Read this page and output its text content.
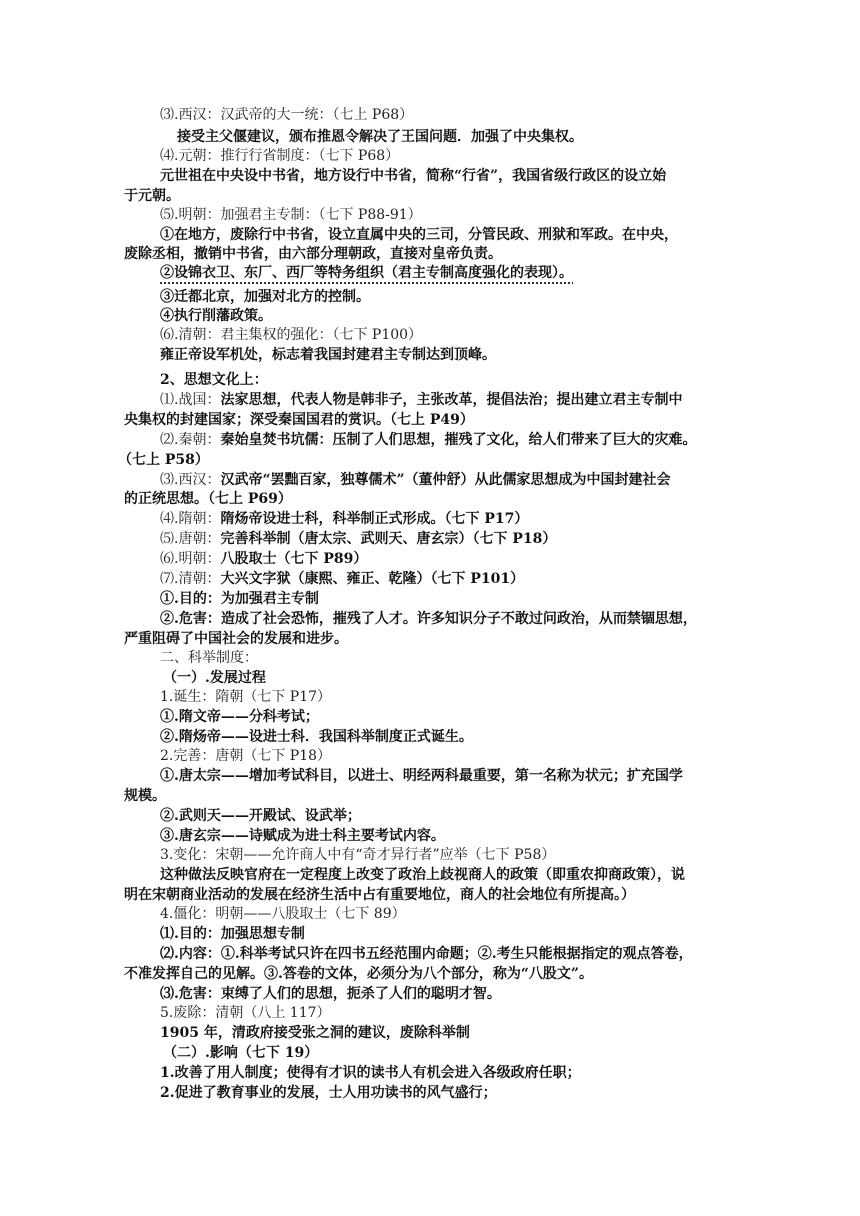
⑶.西汉：汉武帝的大一统：（七上 P68）
接受主父偃建议，颁布推恩令解决了王国问题．加强了中央集权。
⑷.元朝：推行行省制度：（七下 P68）
元世祖在中央设中书省，地方设行中书省，简称“行省”，我国省级行政区的设立始
于元朝。
⑸.明朝：加强君主专制：（七下 P88-91）
①在地方，废除行中书省，设立直属中央的三司，分管民政、刑狱和军政。在中央，
废除丞相，撤销中书省，由六部分理朝政，直接对皇帝负责。
②设锦衣卫、东厂、西厂等特务组织（君主专制高度强化的表现）。
③迁都北京，加强对北方的控制。
④执行削藩政策。
⑹.清朝：君主集权的强化：（七下 P100）
雍正帝设军机处，标志着我国封建君主专制达到顶峰。
2、思想文化上：
⑴.战国：法家思想，代表人物是韩非子，主张改革，提倡法治；提出建立君主专制中
央集权的封建国家；深受秦国国君的赏识。（七上 P49）
⑵.秦朝：秦始皇焚书坑儒：压制了人们思想，摧残了文化，给人们带来了巨大的灾难。
（七上 P58）
⑶.西汉：汉武帝“罢黜百家，独尊儒术”（董仲舒）从此儒家思想成为中国封建社会
的正统思想。（七上 P69）
⑷.隋朝：隋炀帝设进士科，科举制正式形成。（七下 P17）
⑸.唐朝：完善科举制（唐太宗、武则天、唐玄宗）（七下 P18）
⑹.明朝：八股取士（七下 P89）
⑺.清朝：大兴文字狱（康熙、雍正、乾隆）（七下 P101）
①.目的：为加强君主专制
②.危害：造成了社会恐怖，摧残了人才。许多知识分子不敢过问政治，从而禁锢思想，
严重阻碍了中国社会的发展和进步。
二、科举制度：
（一）.发展过程
1.诞生：隋朝（七下 P17）
①.隋文帝——分科考试；
②.隋炀帝——设进士科．我国科举制度正式诞生。
2.完善：唐朝（七下 P18）
①.唐太宗——增加考试科目，以进士、明经两科最重要，第一名称为状元；扩充国学
规模。
②.武则天——开殿试、设武举；
③.唐玄宗——诗赋成为进士科主要考试内容。
3.变化：宋朝——允许商人中有“奇才异行者”应举（七下 P58）
这种做法反映官府在一定程度上改变了政治上歧视商人的政策（即重农抑商政策），说
明在宋朝商业活动的发展在经济生活中占有重要地位，商人的社会地位有所提高。）
4.僵化：明朝——八股取士（七下 89）
⑴.目的：加强思想专制
⑵.内容：①.科举考试只许在四书五经范围内命题；②.考生只能根据指定的观点答卷，
不准发挥自己的见解。③.答卷的文体，必须分为八个部分，称为“八股文”。
⑶.危害：束缚了人们的思想，扼杀了人们的聪明才智。
5.废除：清朝（八上 117）
1905 年，清政府接受张之洞的建议，废除科举制
（二）.影响（七下 19）
1.改善了用人制度；使得有才识的读书人有机会进入各级政府任职；
2.促进了教育事业的发展，士人用功读书的风气盛行；
